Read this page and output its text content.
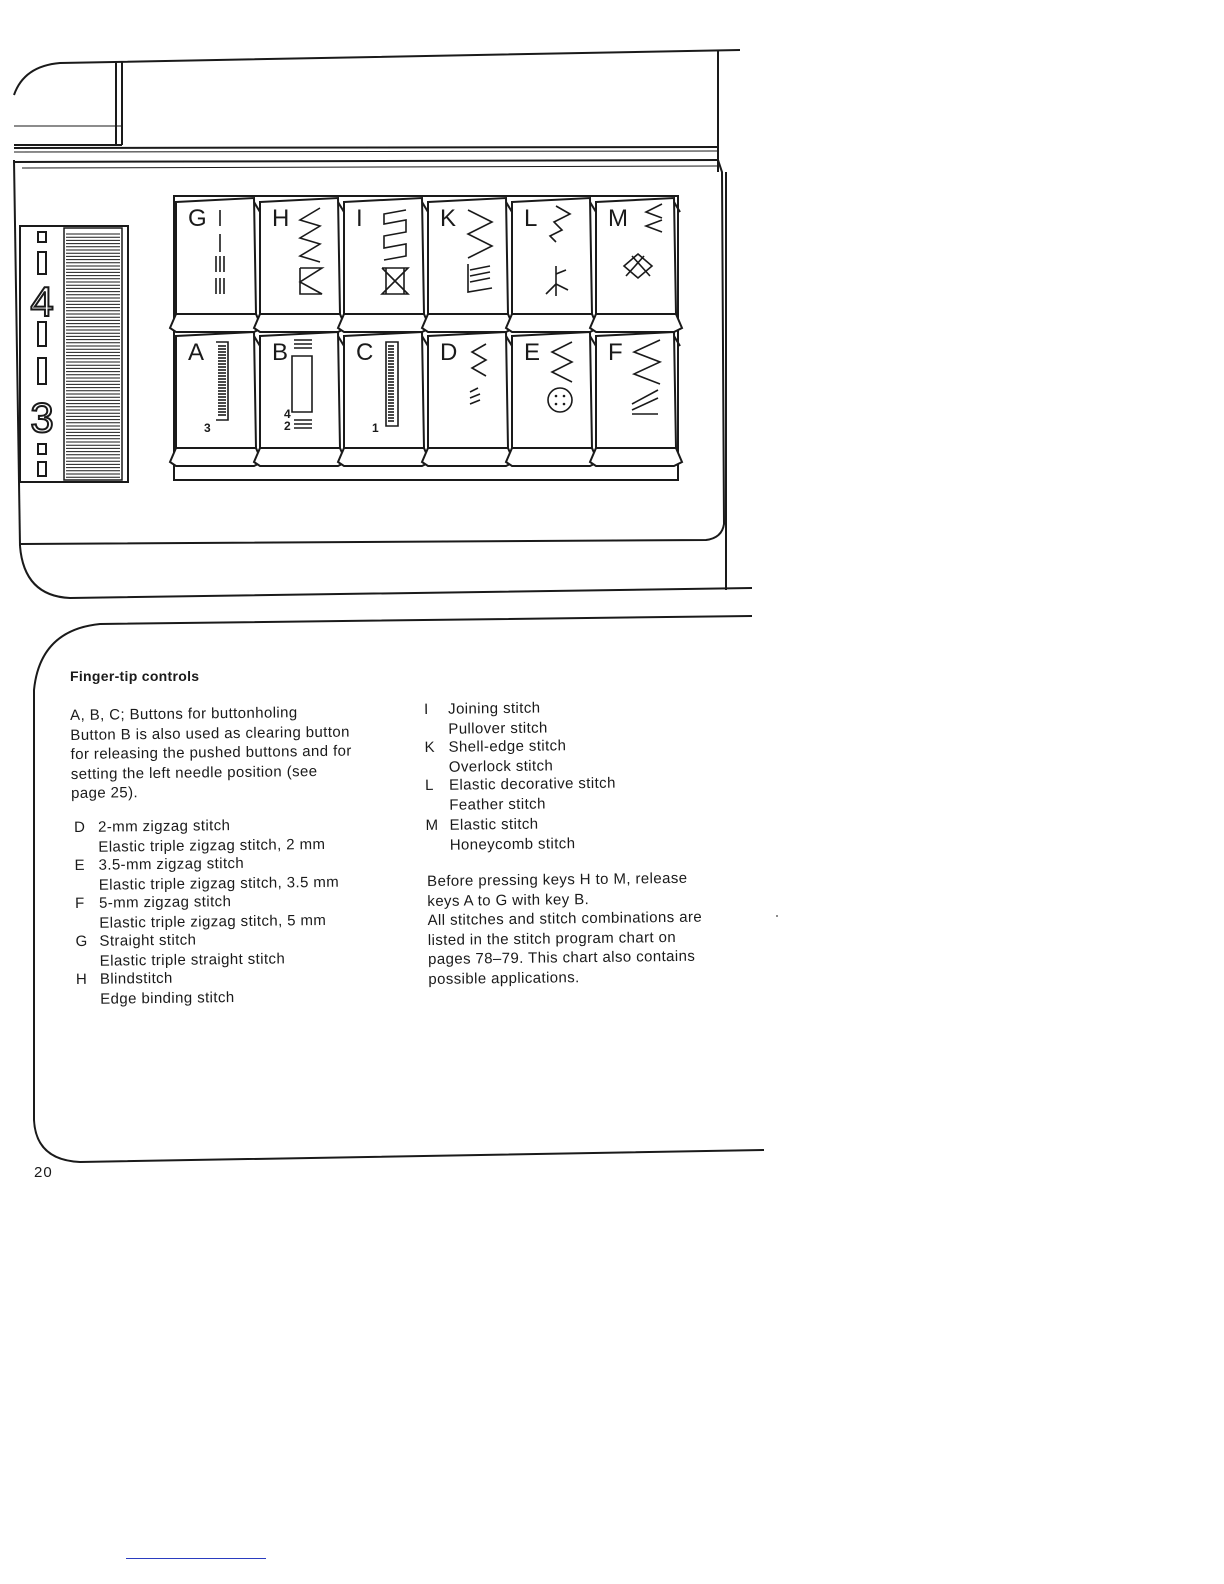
4
3
G	H	I	K	L	M
A
3
B
4
2
C
1
D	E	F
Finger-tip controls
A, B, C; Buttons for buttonholing
Button B is also used as clearing button
for releasing the pushed buttons and for
setting the left needle position (see
page 25).
D 2-mm zigzag stitch
Elastic triple zigzag stitch, 2 mm
E 3.5-mm zigzag stitch
Elastic triple zigzag stitch, 3.5 mm
F 5-mm zigzag stitch
Elastic triple zigzag stitch, 5 mm
G Straight stitch
Elastic triple straight stitch
H Blindstitch
Edge binding stitch
I Joining stitch
Pullover stitch
K Shell-edge stitch
Overlock stitch
L Elastic decorative stitch
Feather stitch
M Elastic stitch
Honeycomb stitch
Before pressing keys H to M, release
keys A to G with key B.
All stitches and stitch combinations are
listed in the stitch program chart on
pages 78–79. This chart also contains
possible applications.
20
